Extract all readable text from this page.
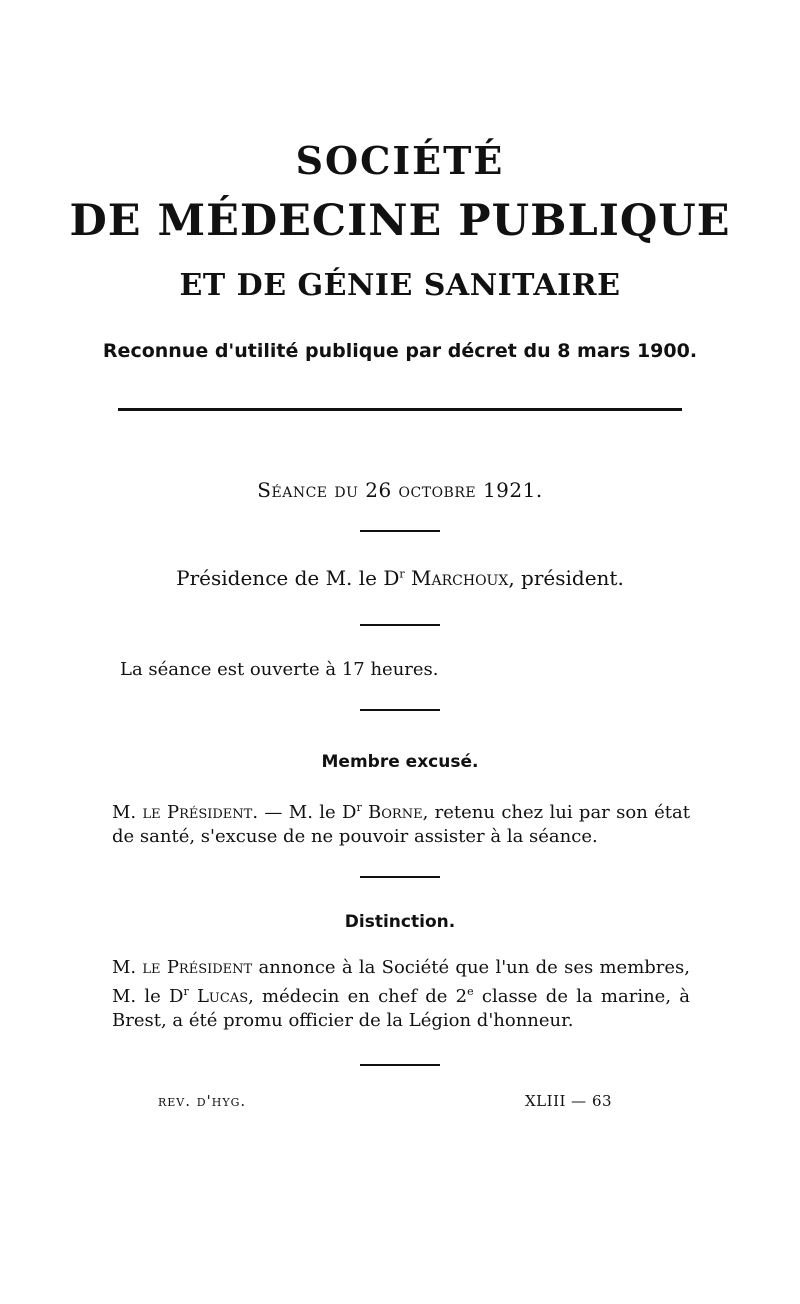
SOCIÉTÉ
DE MÉDECINE PUBLIQUE
ET DE GÉNIE SANITAIRE
Reconnue d'utilité publique par décret du 8 mars 1900.
Séance du 26 octobre 1921.
Présidence de M. le $D^r$ Marchoux, président.
La séance est ouverte à 17 heures.
Membre excusé.
M. le Président. — M. le $D^r$ Borne, retenu chez lui par son état de santé, s'excuse de ne pouvoir assister à la séance.
Distinction.
M. le Président annonce à la Société que l'un de ses membres, M. le $D^r$ Lucas, médecin en chef de 2e classe de la marine, à Brest, a été promu officier de la Légion d'honneur.
rev. d'hyg.	XLIII — 63
